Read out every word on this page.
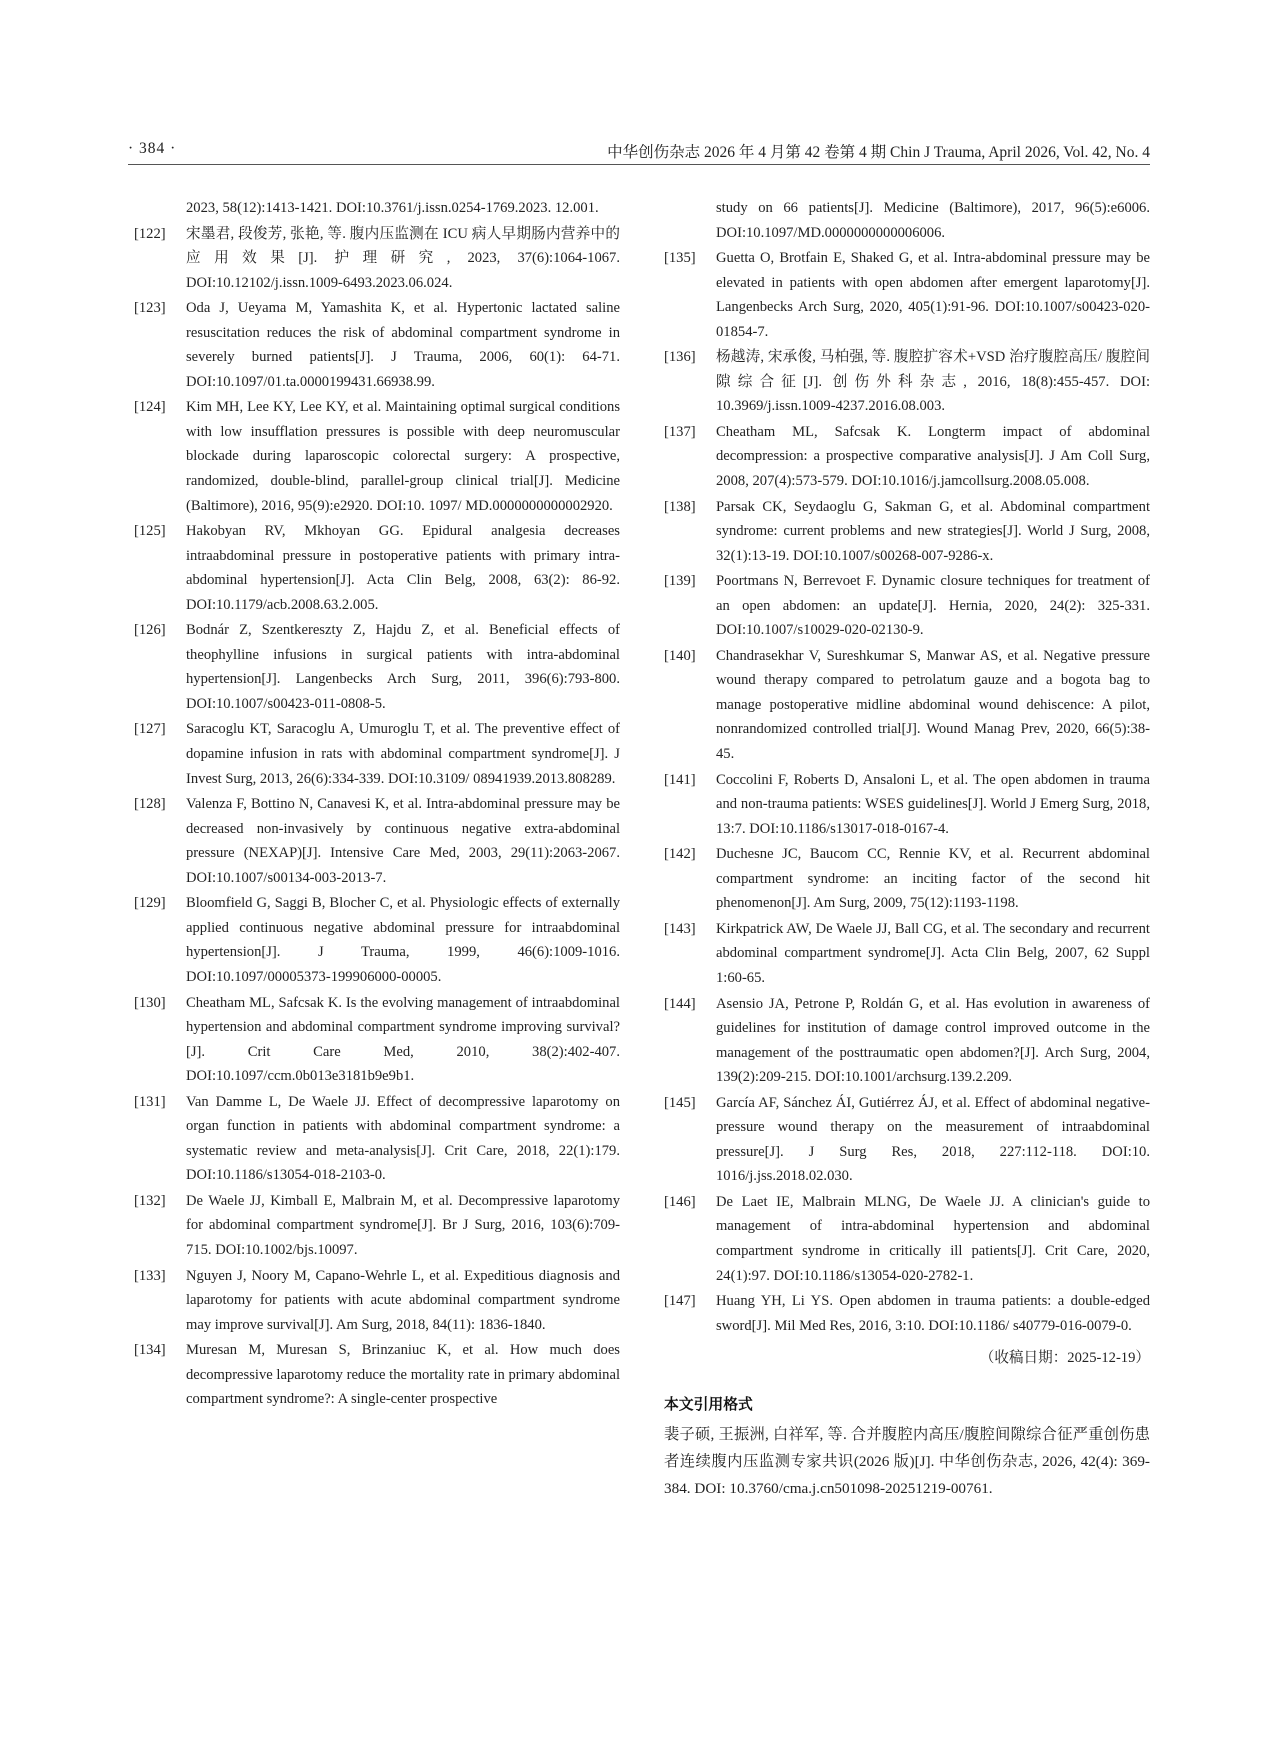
· 384 ·	中华创伤杂志 2026 年 4 月第 42 卷第 4 期 Chin J Trauma, April 2026, Vol. 42, No. 4
2023, 58(12):1413-1421. DOI:10.3761/j.issn.0254-1769.2023. 12.001.
[122]	宋墨君, 段俊芳, 张艳, 等. 腹内压监测在 ICU 病人早期肠内营养中的应用效果[J]. 护理研究, 2023, 37(6):1064-1067. DOI:10.12102/j.issn.1009-6493.2023.06.024.
[123]	Oda J, Ueyama M, Yamashita K, et al. Hypertonic lactated saline resuscitation reduces the risk of abdominal compartment syndrome in severely burned patients[J]. J Trauma, 2006, 60(1): 64-71. DOI:10.1097/01.ta.0000199431.66938.99.
[124]	Kim MH, Lee KY, Lee KY, et al. Maintaining optimal surgical conditions with low insufflation pressures is possible with deep neuromuscular blockade during laparoscopic colorectal surgery: A prospective, randomized, double-blind, parallel-group clinical trial[J]. Medicine (Baltimore), 2016, 95(9):e2920. DOI:10. 1097/ MD.0000000000002920.
[125]	Hakobyan RV, Mkhoyan GG. Epidural analgesia decreases intraabdominal pressure in postoperative patients with primary intra-abdominal hypertension[J]. Acta Clin Belg, 2008, 63(2): 86-92. DOI:10.1179/acb.2008.63.2.005.
[126]	Bodnár Z, Szentkereszty Z, Hajdu Z, et al. Beneficial effects of theophylline infusions in surgical patients with intra-abdominal hypertension[J]. Langenbecks Arch Surg, 2011, 396(6):793-800. DOI:10.1007/s00423-011-0808-5.
[127]	Saracoglu KT, Saracoglu A, Umuroglu T, et al. The preventive effect of dopamine infusion in rats with abdominal compartment syndrome[J]. J Invest Surg, 2013, 26(6):334-339. DOI:10.3109/ 08941939.2013.808289.
[128]	Valenza F, Bottino N, Canavesi K, et al. Intra-abdominal pressure may be decreased non-invasively by continuous negative extra-abdominal pressure (NEXAP)[J]. Intensive Care Med, 2003, 29(11):2063-2067. DOI:10.1007/s00134-003-2013-7.
[129]	Bloomfield G, Saggi B, Blocher C, et al. Physiologic effects of externally applied continuous negative abdominal pressure for intraabdominal hypertension[J]. J Trauma, 1999, 46(6):1009-1016. DOI:10.1097/00005373-199906000-00005.
[130]	Cheatham ML, Safcsak K. Is the evolving management of intraabdominal hypertension and abdominal compartment syndrome improving survival?[J]. Crit Care Med, 2010, 38(2):402-407. DOI:10.1097/ccm.0b013e3181b9e9b1.
[131]	Van Damme L, De Waele JJ. Effect of decompressive laparotomy on organ function in patients with abdominal compartment syndrome: a systematic review and meta-analysis[J]. Crit Care, 2018, 22(1):179. DOI:10.1186/s13054-018-2103-0.
[132]	De Waele JJ, Kimball E, Malbrain M, et al. Decompressive laparotomy for abdominal compartment syndrome[J]. Br J Surg, 2016, 103(6):709-715. DOI:10.1002/bjs.10097.
[133]	Nguyen J, Noory M, Capano-Wehrle L, et al. Expeditious diagnosis and laparotomy for patients with acute abdominal compartment syndrome may improve survival[J]. Am Surg, 2018, 84(11): 1836-1840.
[134]	Muresan M, Muresan S, Brinzaniuc K, et al. How much does decompressive laparotomy reduce the mortality rate in primary abdominal compartment syndrome?: A single-center prospective
study on 66 patients[J]. Medicine (Baltimore), 2017, 96(5):e6006. DOI:10.1097/MD.0000000000006006.
[135]	Guetta O, Brotfain E, Shaked G, et al. Intra-abdominal pressure may be elevated in patients with open abdomen after emergent laparotomy[J]. Langenbecks Arch Surg, 2020, 405(1):91-96. DOI:10.1007/s00423-020-01854-7.
[136]	杨越涛, 宋承俊, 马柏强, 等. 腹腔扩容术+VSD 治疗腹腔高压/ 腹腔间隙综合征[J]. 创伤外科杂志, 2016, 18(8):455-457. DOI: 10.3969/j.issn.1009-4237.2016.08.003.
[137]	Cheatham ML, Safcsak K. Longterm impact of abdominal decompression: a prospective comparative analysis[J]. J Am Coll Surg, 2008, 207(4):573-579. DOI:10.1016/j.jamcollsurg.2008.05.008.
[138]	Parsak CK, Seydaoglu G, Sakman G, et al. Abdominal compartment syndrome: current problems and new strategies[J]. World J Surg, 2008, 32(1):13-19. DOI:10.1007/s00268-007-9286-x.
[139]	Poortmans N, Berrevoet F. Dynamic closure techniques for treatment of an open abdomen: an update[J]. Hernia, 2020, 24(2): 325-331. DOI:10.1007/s10029-020-02130-9.
[140]	Chandrasekhar V, Sureshkumar S, Manwar AS, et al. Negative pressure wound therapy compared to petrolatum gauze and a bogota bag to manage postoperative midline abdominal wound dehiscence: A pilot, nonrandomized controlled trial[J]. Wound Manag Prev, 2020, 66(5):38-45.
[141]	Coccolini F, Roberts D, Ansaloni L, et al. The open abdomen in trauma and non-trauma patients: WSES guidelines[J]. World J Emerg Surg, 2018, 13:7. DOI:10.1186/s13017-018-0167-4.
[142]	Duchesne JC, Baucom CC, Rennie KV, et al. Recurrent abdominal compartment syndrome: an inciting factor of the second hit phenomenon[J]. Am Surg, 2009, 75(12):1193-1198.
[143]	Kirkpatrick AW, De Waele JJ, Ball CG, et al. The secondary and recurrent abdominal compartment syndrome[J]. Acta Clin Belg, 2007, 62 Suppl 1:60-65.
[144]	Asensio JA, Petrone P, Roldán G, et al. Has evolution in awareness of guidelines for institution of damage control improved outcome in the management of the posttraumatic open abdomen?[J]. Arch Surg, 2004, 139(2):209-215. DOI:10.1001/archsurg.139.2.209.
[145]	García AF, Sánchez ÁI, Gutiérrez ÁJ, et al. Effect of abdominal negative-pressure wound therapy on the measurement of intraabdominal pressure[J]. J Surg Res, 2018, 227:112-118. DOI:10. 1016/j.jss.2018.02.030.
[146]	De Laet IE, Malbrain MLNG, De Waele JJ. A clinician's guide to management of intra-abdominal hypertension and abdominal compartment syndrome in critically ill patients[J]. Crit Care, 2020, 24(1):97. DOI:10.1186/s13054-020-2782-1.
[147]	Huang YH, Li YS. Open abdomen in trauma patients: a double-edged sword[J]. Mil Med Res, 2016, 3:10. DOI:10.1186/ s40779-016-0079-0.
（收稿日期：2025-12-19）
本文引用格式
裴子硕, 王振洲, 白祥军, 等. 合并腹腔内高压/腹腔间隙综合征严重创伤患者连续腹内压监测专家共识(2026 版)[J]. 中华创伤杂志, 2026, 42(4): 369-384. DOI: 10.3760/cma.j.cn501098-20251219-00761.
